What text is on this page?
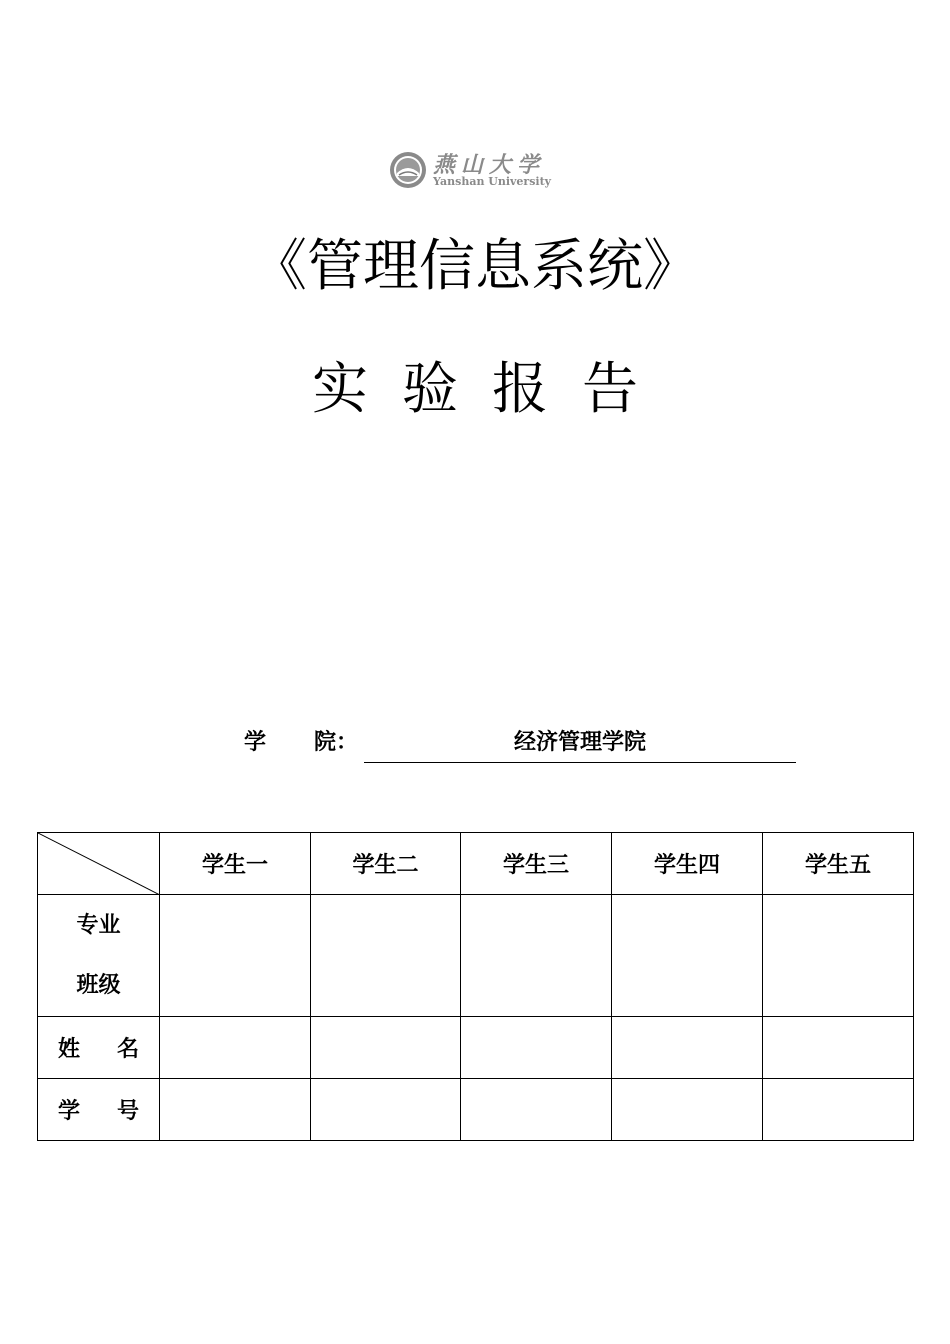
燕山大学
Yanshan University
《管理信息系统》
实验报告
学 院：	经济管理学院
	学生一	学生二	学生三	学生四	学生五

专业
班级					

姓 名					

学 号					
